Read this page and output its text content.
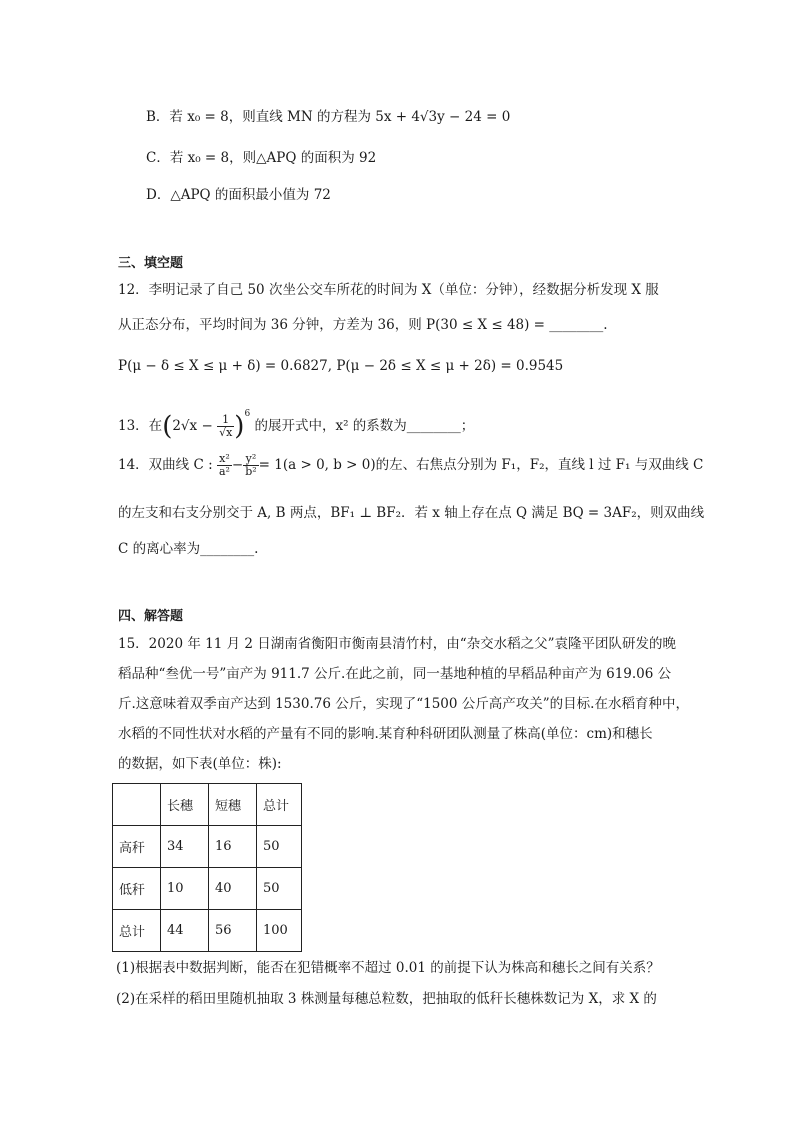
B．若 x₀ = 8，则直线 MN 的方程为 5x + 4√3y − 24 = 0
C．若 x₀ = 8，则△APQ 的面积为 92
D．△APQ 的面积最小值为 72
三、填空题
12．李明记录了自己 50 次坐公交车所花的时间为 X（单位：分钟），经数据分析发现 X 服
从正态分布，平均时间为 36 分钟，方差为 36，则 P(30 ≤ X ≤ 48) = ________.
P(μ − δ ≤ X ≤ μ + δ) = 0.6827, P(μ − 2δ ≤ X ≤ μ + 2δ) = 0.9545
13．在$(2√x - \frac{1}{√x} )^6$ 的展开式中，x² 的系数为________；
14．双曲线 C : $\frac{\text{x²}}{\text{a²}} - \frac{\text{y²}}{\text{b²}} = 1(a > 0$, b > 0)的左、右焦点分别为 F₁，F₂，直线 l 过 F₁ 与双曲线 C
的左支和右支分别交于 A, B 两点，BF₁ ⊥ BF₂．若 x 轴上存在点 Q 满足 BQ = 3AF₂，则双曲线
C 的离心率为________.
四、解答题
15．2020 年 11 月 2 日湖南省衡阳市衡南县清竹村，由“杂交水稻之父”袁隆平团队研发的晚
稻品种“叁优一号”亩产为 911.7 公斤.在此之前，同一基地种植的早稻品种亩产为 619.06 公
斤.这意味着双季亩产达到 1530.76 公斤，实现了“1500 公斤高产攻关”的目标.在水稻育种中，
水稻的不同性状对水稻的产量有不同的影响.某育种科研团队测量了株高(单位：cm)和穗长
的数据，如下表(单位：株):
	长穗	短穗	总计
高秆	34	16	50
低秆	10	40	50
总计	44	56	100
(1)根据表中数据判断，能否在犯错概率不超过 0.01 的前提下认为株高和穗长之间有关系？
(2)在采样的稻田里随机抽取 3 株测量每穗总粒数，把抽取的低秆长穗株数记为 X，求 X 的
